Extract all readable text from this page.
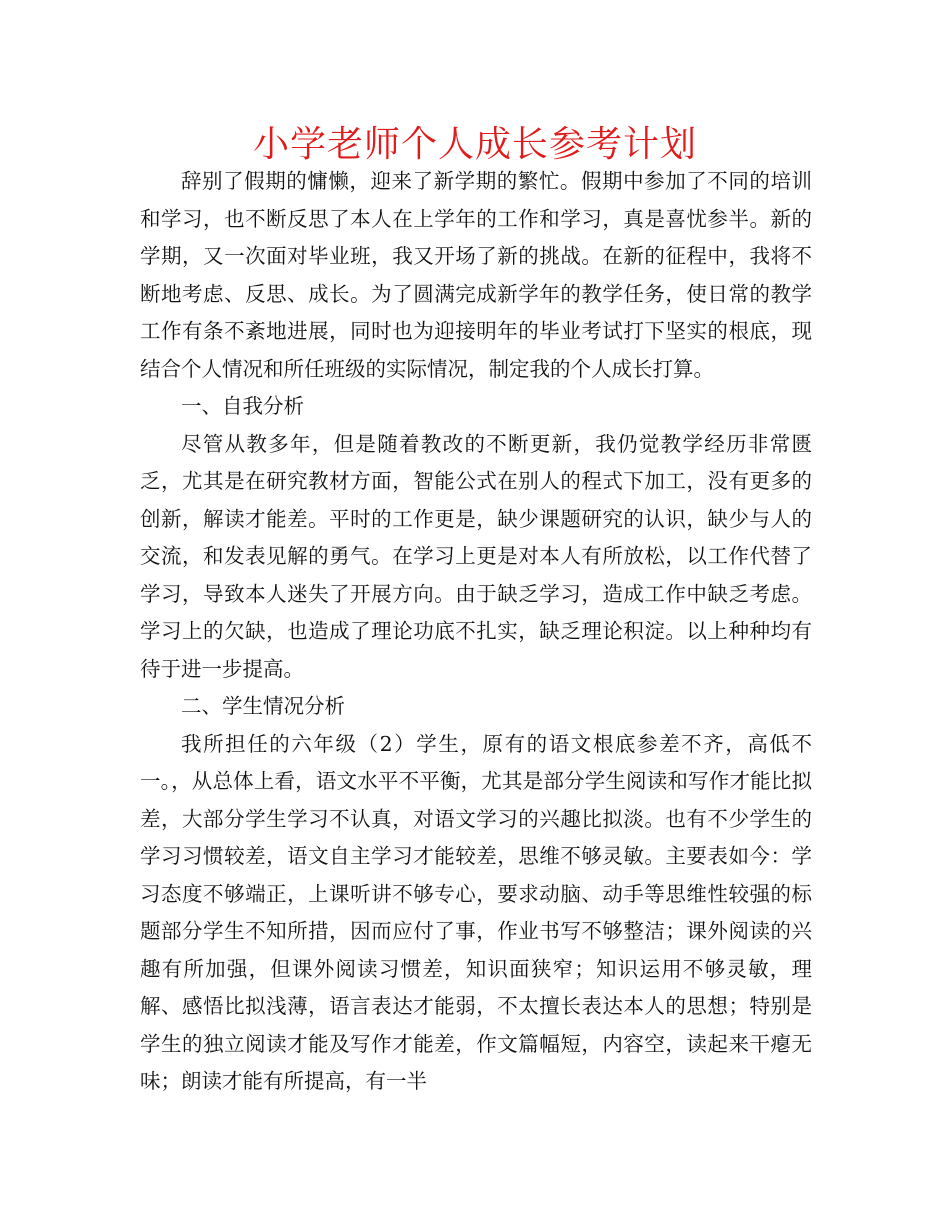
小学老师个人成长参考计划

辞别了假期的慵懒，迎来了新学期的繁忙。假期中参加了不同的培训和学习，也不断反思了本人在上学年的工作和学习，真是喜忧参半。新的学期，又一次面对毕业班，我又开场了新的挑战。在新的征程中，我将不断地考虑、反思、成长。为了圆满完成新学年的教学任务，使日常的教学工作有条不紊地进展，同时也为迎接明年的毕业考试打下坚实的根底，现结合个人情况和所任班级的实际情况，制定我的个人成长打算。

一、自我分析

尽管从教多年，但是随着教改的不断更新，我仍觉教学经历非常匮乏，尤其是在研究教材方面，智能公式在别人的程式下加工，没有更多的创新，解读才能差。平时的工作更是，缺少课题研究的认识，缺少与人的交流，和发表见解的勇气。在学习上更是对本人有所放松，以工作代替了学习，导致本人迷失了开展方向。由于缺乏学习，造成工作中缺乏考虑。学习上的欠缺，也造成了理论功底不扎实，缺乏理论积淀。以上种种均有待于进一步提高。

二、学生情况分析

我所担任的六年级（2）学生，原有的语文根底参差不齐，高低不一。，从总体上看，语文水平不平衡，尤其是部分学生阅读和写作才能比拟差，大部分学生学习不认真，对语文学习的兴趣比拟淡。也有不少学生的学习习惯较差，语文自主学习才能较差，思维不够灵敏。主要表如今：学习态度不够端正，上课听讲不够专心，要求动脑、动手等思维性较强的标题部分学生不知所措，因而应付了事，作业书写不够整洁；课外阅读的兴趣有所加强，但课外阅读习惯差，知识面狭窄；知识运用不够灵敏，理解、感悟比拟浅薄，语言表达才能弱，不太擅长表达本人的思想；特别是学生的独立阅读才能及写作才能差，作文篇幅短，内容空，读起来干瘪无味；朗读才能有所提高，有一半
